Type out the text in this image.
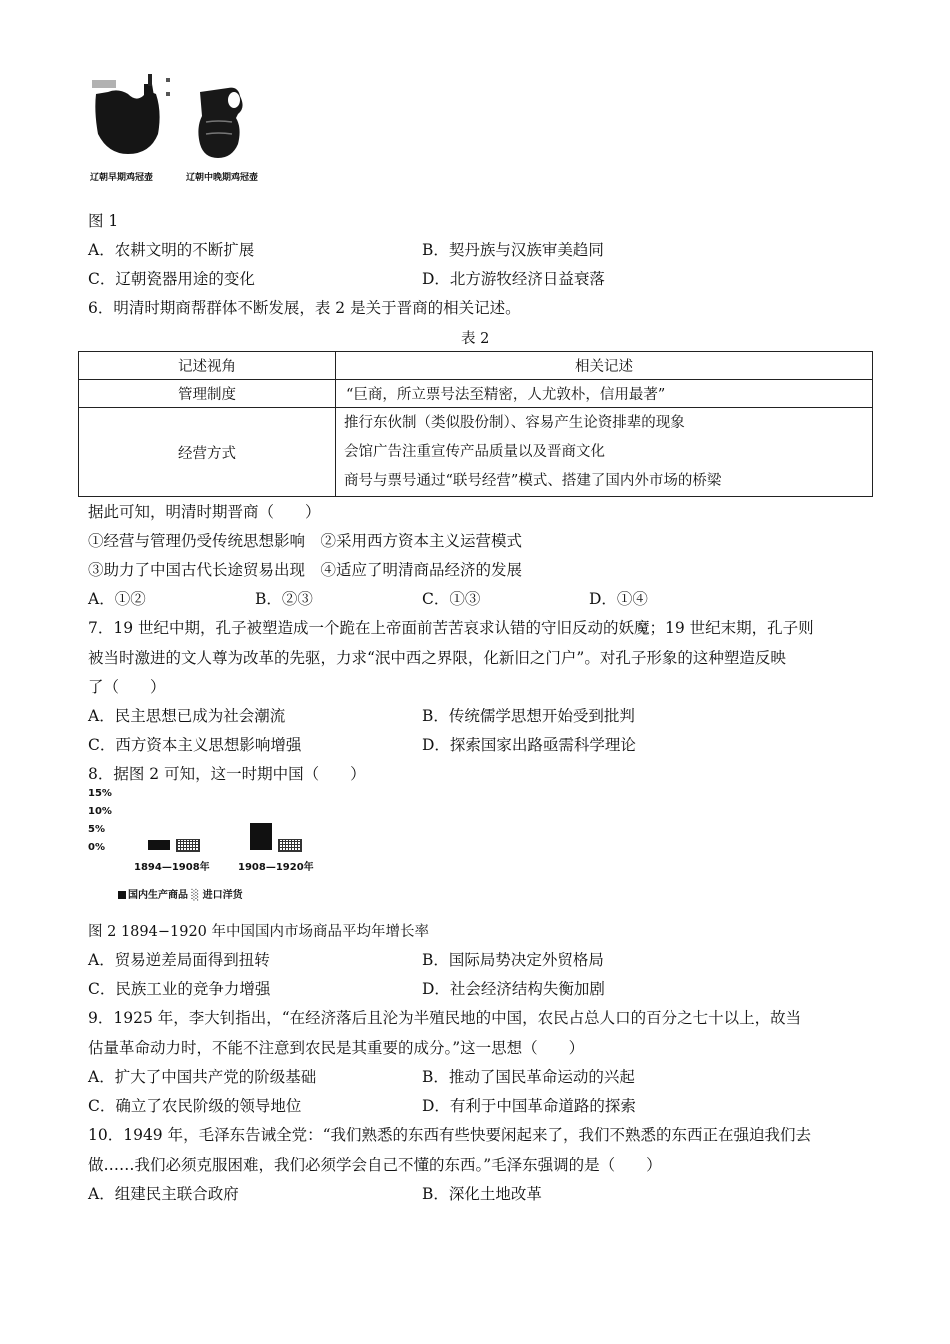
辽朝早期鸡冠壶	辽朝中晚期鸡冠壶
图 1
A．农耕文明的不断扩展	B．契丹族与汉族审美趋同
C．辽朝瓷器用途的变化	D．北方游牧经济日益衰落
6．明清时期商帮群体不断发展，表 2 是关于晋商的相关记述。
表 2
记述视角	相关记述
管理制度	“巨商，所立票号法至精密，人尤敦朴，信用最著”
经营方式	推行东伙制（类似股份制）、容易产生论资排辈的现象
会馆广告注重宣传产品质量以及晋商文化
商号与票号通过“联号经营”模式、搭建了国内外市场的桥梁
据此可知，明清时期晋商（　　）
①经营与管理仍受传统思想影响　②采用西方资本主义运营模式
③助力了中国古代长途贸易出现　④适应了明清商品经济的发展
A．①②	B．②③	C．①③	D．①④
7．19 世纪中期，孔子被塑造成一个跪在上帝面前苦苦哀求认错的守旧反动的妖魔；19 世纪末期，孔子则
被当时激进的文人尊为改革的先驱，力求“泯中西之界限，化新旧之门户”。对孔子形象的这种塑造反映
了（　　）
A．民主思想已成为社会潮流	B．传统儒学思想开始受到批判
C．西方资本主义思想影响增强	D．探索国家出路亟需科学理论
8．据图 2 可知，这一时期中国（　　）
15%
10%
5%
0%
1894—1908年	1908—1920年
国内生产商品 ░ 进口洋货
图 2 1894−1920 年中国国内市场商品平均年增长率
A．贸易逆差局面得到扭转	B．国际局势决定外贸格局
C．民族工业的竞争力增强	D．社会经济结构失衡加剧
9．1925 年，李大钊指出，“在经济落后且沦为半殖民地的中国，农民占总人口的百分之七十以上，故当
估量革命动力时，不能不注意到农民是其重要的成分。”这一思想（　　）
A．扩大了中国共产党的阶级基础	B．推动了国民革命运动的兴起
C．确立了农民阶级的领导地位	D．有利于中国革命道路的探索
10．1949 年，毛泽东告诫全党：“我们熟悉的东西有些快要闲起来了，我们不熟悉的东西正在强迫我们去
做……我们必须克服困难，我们必须学会自己不懂的东西。”毛泽东强调的是（　　）
A．组建民主联合政府	B．深化土地改革
